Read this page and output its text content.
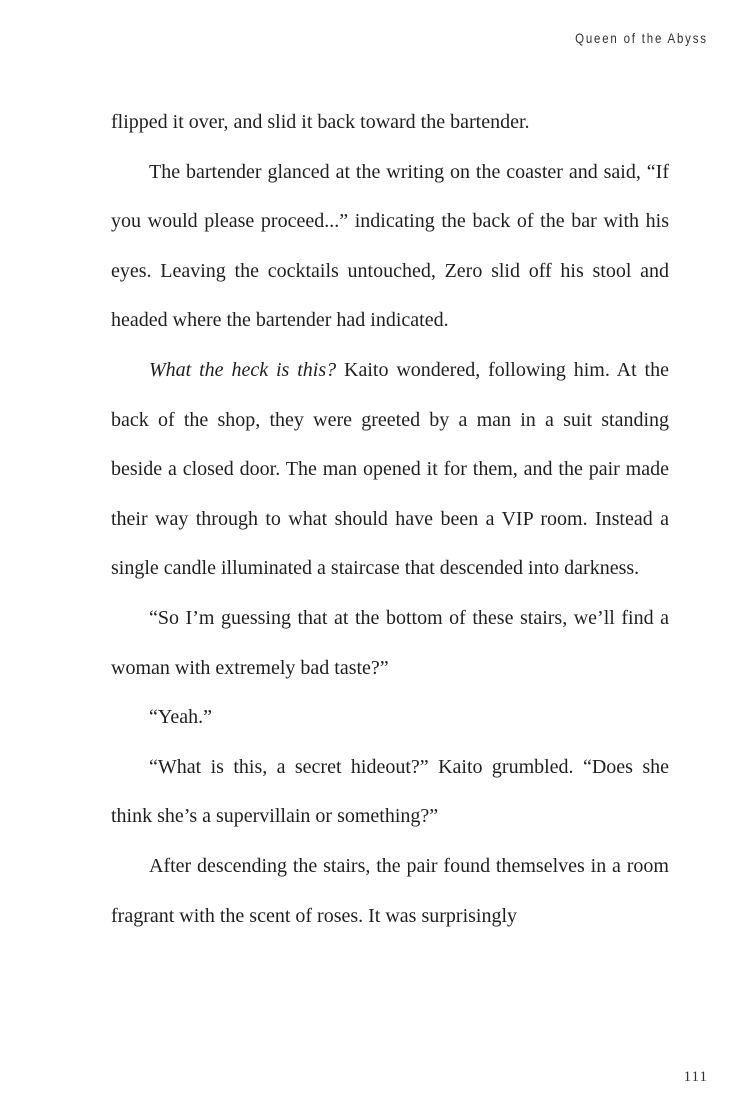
Queen of the Abyss

flipped it over, and slid it back toward the bartender.

The bartender glanced at the writing on the coaster and said, “If you would please proceed...” indicating the back of the bar with his eyes. Leaving the cocktails untouched, Zero slid off his stool and headed where the bartender had indicated.

What the heck is this? Kaito wondered, following him. At the back of the shop, they were greeted by a man in a suit standing beside a closed door. The man opened it for them, and the pair made their way through to what should have been a VIP room. Instead a single candle illuminated a staircase that descended into darkness.

“So I’m guessing that at the bottom of these stairs, we’ll find a woman with extremely bad taste?”

“Yeah.”

“What is this, a secret hideout?” Kaito grumbled. “Does she think she’s a supervillain or something?”

After descending the stairs, the pair found themselves in a room fragrant with the scent of roses. It was surprisingly

111
